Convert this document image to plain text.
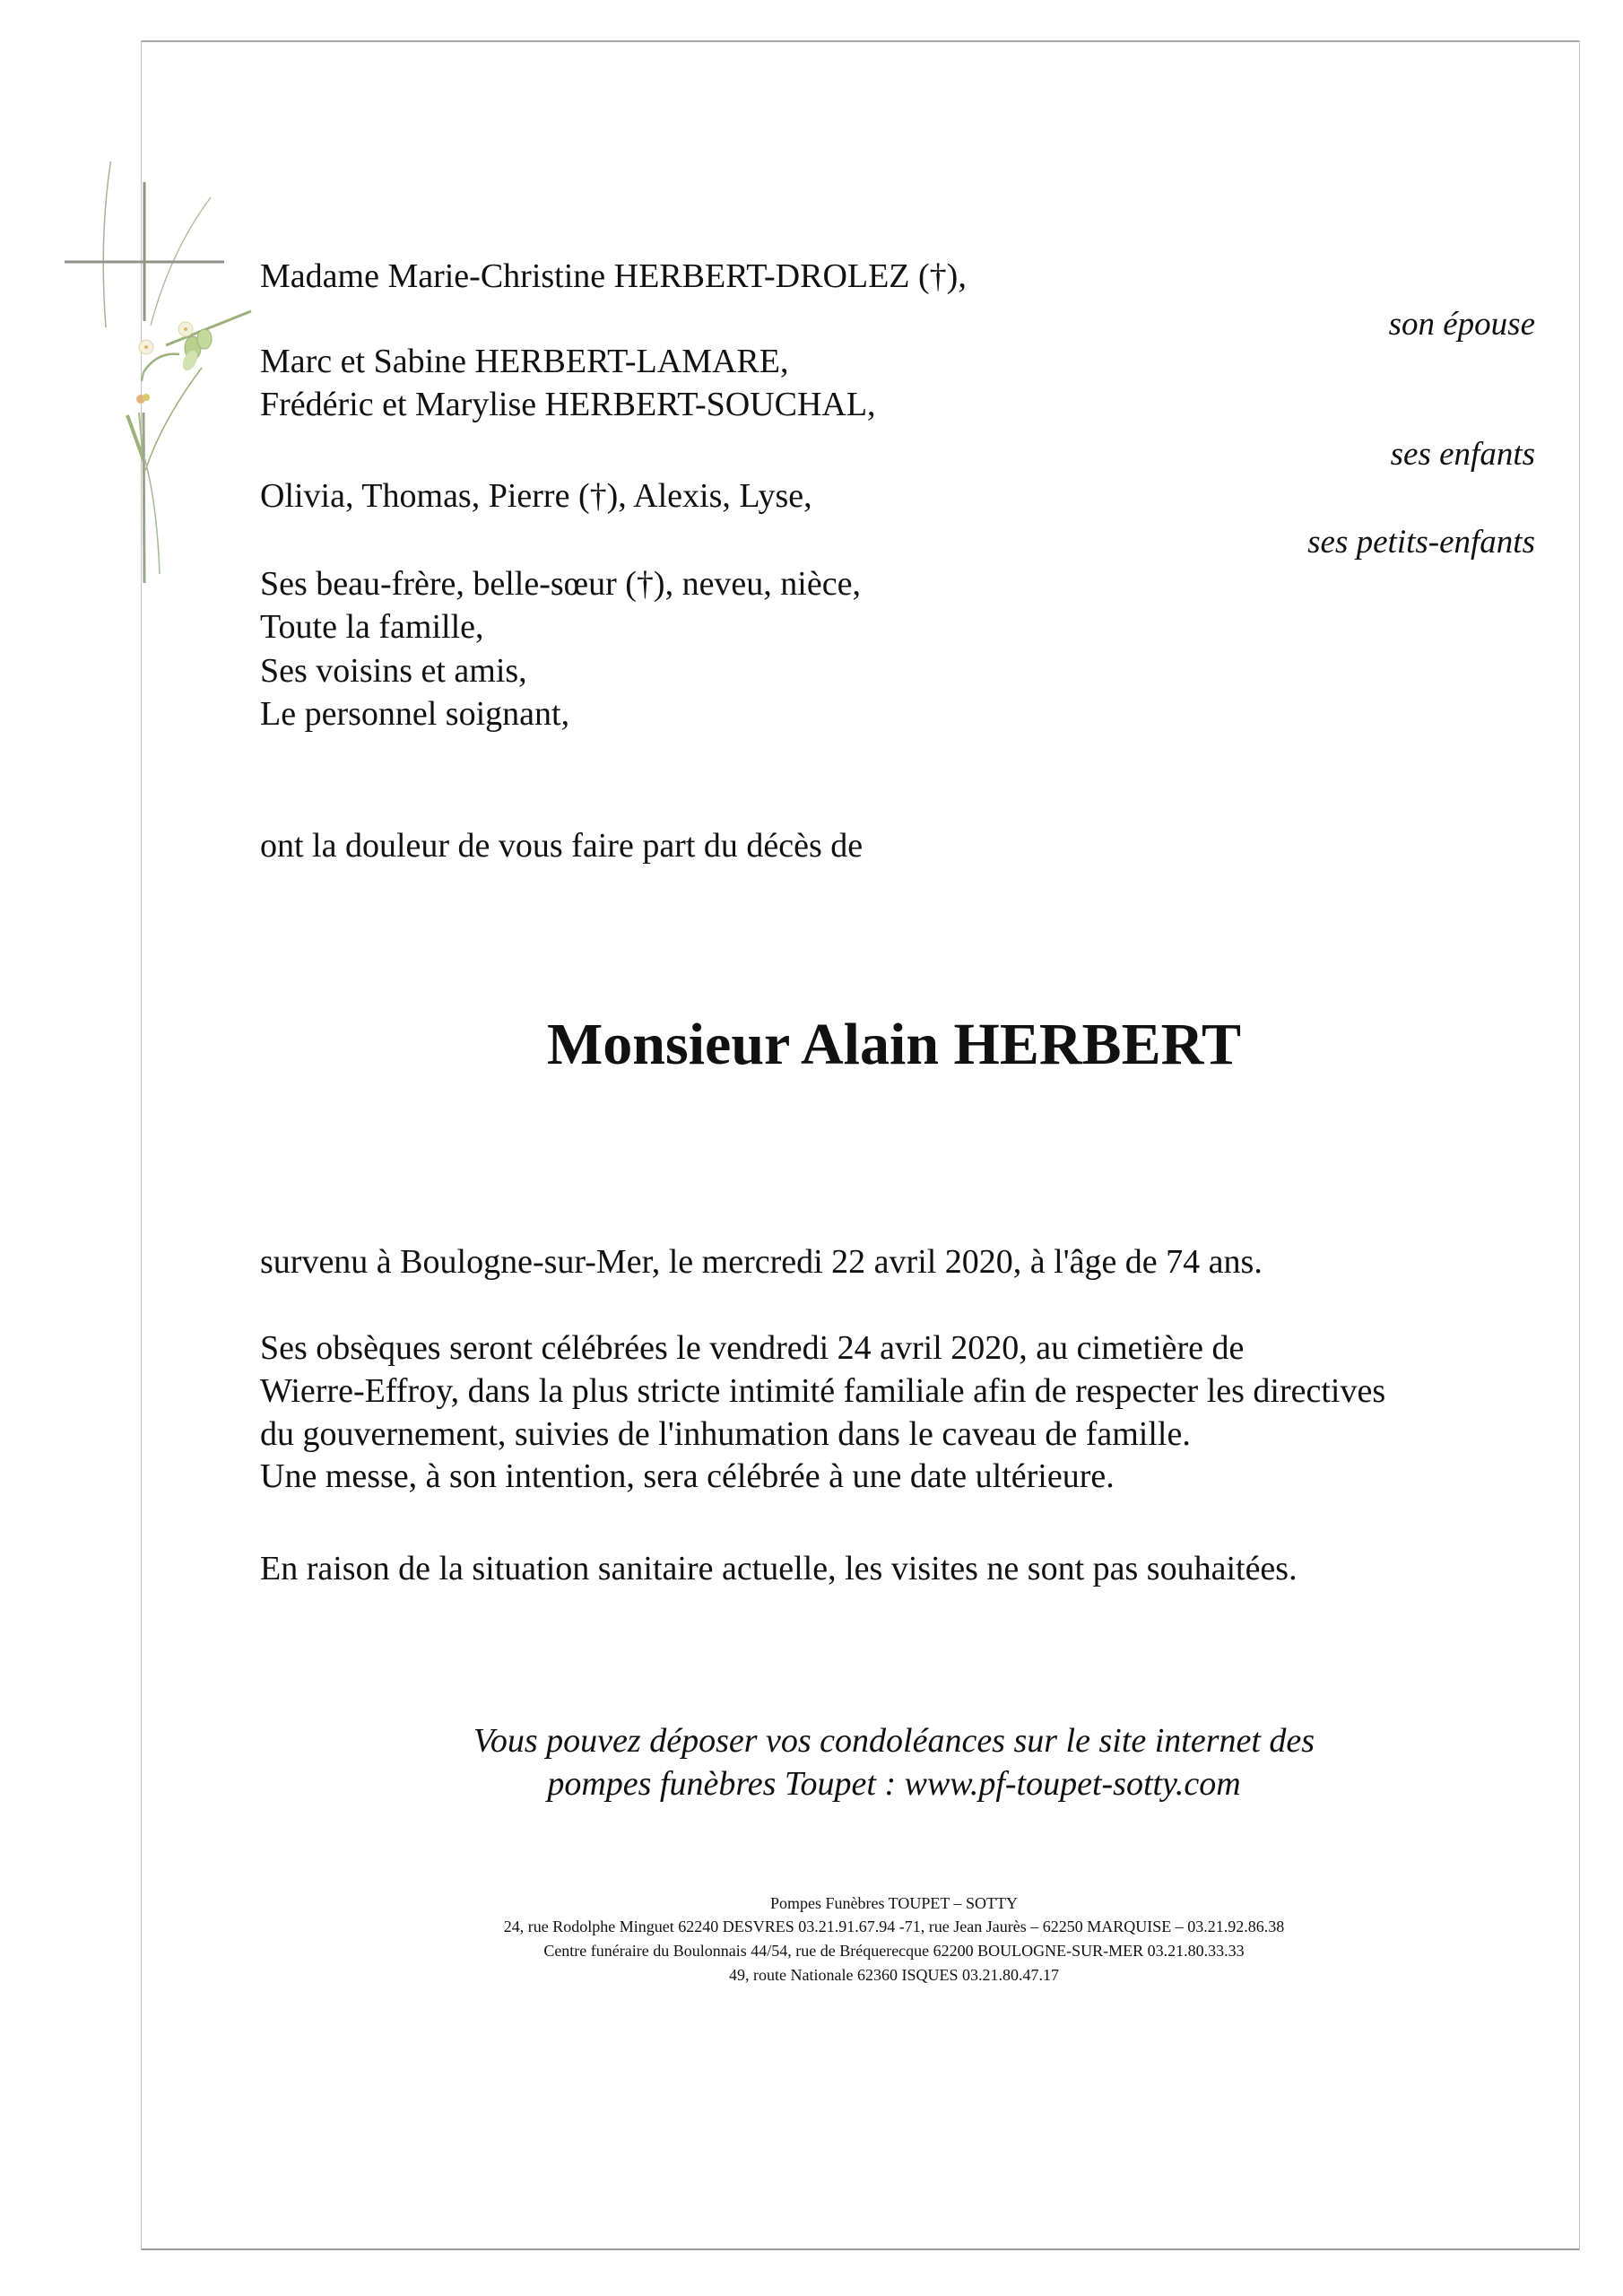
Madame Marie-Christine HERBERT-DROLEZ (†),
son épouse
Marc et Sabine HERBERT-LAMARE,
Frédéric et Marylise HERBERT-SOUCHAL,
ses enfants
Olivia, Thomas, Pierre (†), Alexis, Lyse,
ses petits-enfants
Ses beau-frère, belle-sœur (†), neveu, nièce,
Toute la famille,
Ses voisins et amis,
Le personnel soignant,
ont la douleur de vous faire part du décès de
Monsieur Alain HERBERT
survenu à Boulogne-sur-Mer, le mercredi 22 avril 2020, à l'âge de 74 ans.
Ses obsèques seront célébrées le vendredi 24 avril 2020, au cimetière de
Wierre-Effroy, dans la plus stricte intimité familiale afin de respecter les directives
du gouvernement, suivies de l'inhumation dans le caveau de famille.
Une messe, à son intention, sera célébrée à une date ultérieure.
En raison de la situation sanitaire actuelle, les visites ne sont pas souhaitées.
Vous pouvez déposer vos condoléances sur le site internet des
pompes funèbres Toupet : www.pf-toupet-sotty.com
Pompes Funèbres TOUPET – SOTTY
24, rue Rodolphe Minguet 62240 DESVRES 03.21.91.67.94 -71, rue Jean Jaurès – 62250 MARQUISE – 03.21.92.86.38
Centre funéraire du Boulonnais 44/54, rue de Bréquerecque 62200 BOULOGNE-SUR-MER 03.21.80.33.33
49, route Nationale 62360 ISQUES 03.21.80.47.17
